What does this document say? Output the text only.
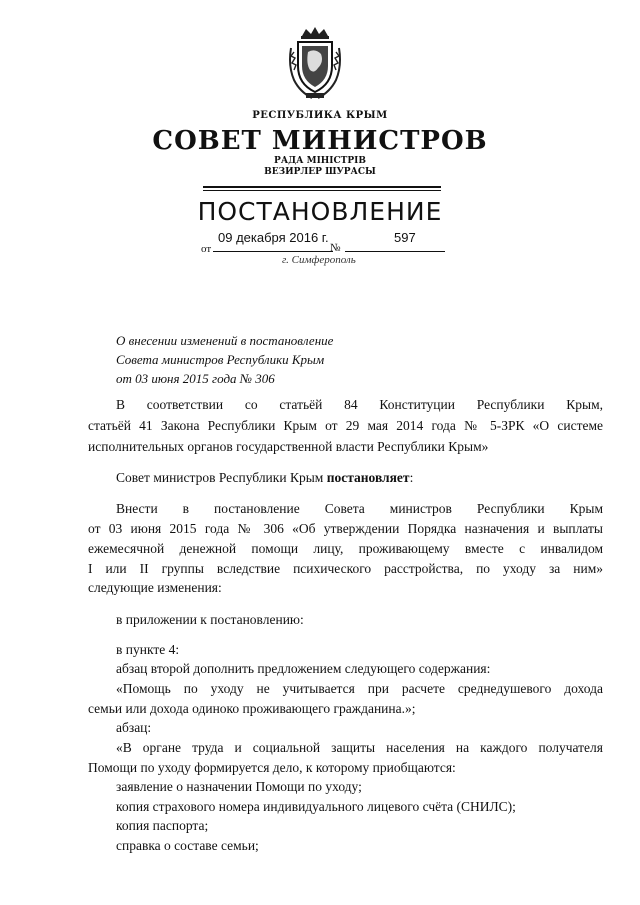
РЕСПУБЛИКА КРЫМ
СОВЕТ МИНИСТРОВ
РАДА МІНІСТРІВ
ВЕЗИРЛЕР ШУРАСЫ
ПОСТАНОВЛЕНИЕ
от
09 декабря 2016 г.
№
597
г. Симферополь
О внесении изменений в постановление
Совета министров Республики Крым
от 03 июня 2015 года № 306
В соответствии со статьёй 84 Конституции Республики Крым,
статьёй 41 Закона Республики Крым от 29 мая 2014 года № 5-ЗРК «О системе
исполнительных органов государственной власти Республики Крым»
Совет министров Республики Крым постановляет:
Внести в постановление Совета министров Республики Крым
от 03 июня 2015 года № 306 «Об утверждении Порядка назначения и выплаты
ежемесячной денежной помощи лицу, проживающему вместе с инвалидом
I или II группы вследствие психического расстройства, по уходу за ним»
следующие изменения:
в приложении к постановлению:
в пункте 4:
абзац второй дополнить предложением следующего содержания:
«Помощь по уходу не учитывается при расчете среднедушевого дохода
семьи или дохода одиноко проживающего гражданина.»;
абзац:
«В органе труда и социальной защиты населения на каждого получателя
Помощи по уходу формируется дело, к которому приобщаются:
заявление о назначении Помощи по уходу;
копия страхового номера индивидуального лицевого счёта (СНИЛС);
копия паспорта;
справка о составе семьи;
